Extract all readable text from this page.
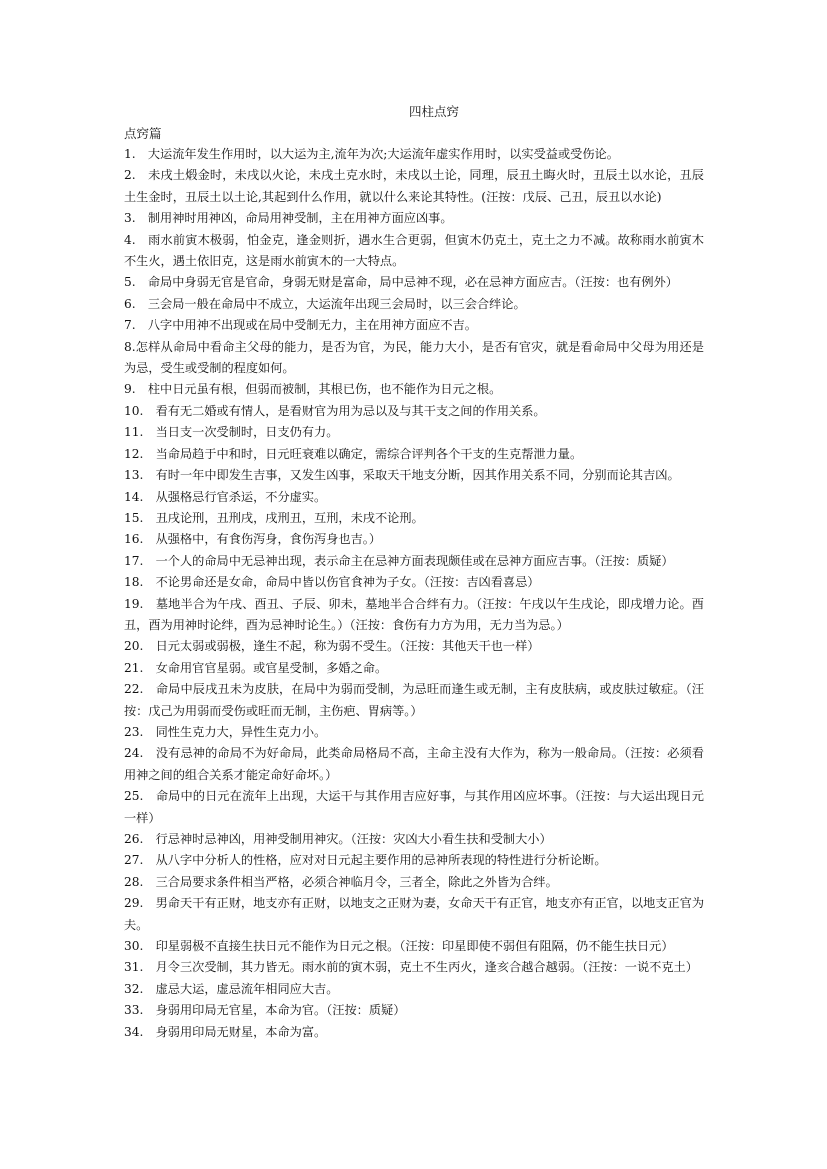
四柱点窍
点窍篇

1.　大运流年发生作用时，以大运为主,流年为次;大运流年虚实作用时，以实受益或受伤论。

2.　未戌土煅金时，未戌以火论，未戌土克水时，未戌以土论，同理，辰丑土晦火时，丑辰土以水论，丑辰土生金时，丑辰土以土论,其起到什么作用，就以什么来论其特性。(汪按：戊辰、己丑，辰丑以水论)

3.　制用神时用神凶，命局用神受制，主在用神方面应凶事。

4.　雨水前寅木极弱，怕金克，逢金则折，遇水生合更弱，但寅木仍克土，克土之力不减。故称雨水前寅木不生火，遇土依旧克，这是雨水前寅木的一大特点。

5.　命局中身弱无官是官命，身弱无财是富命，局中忌神不现，必在忌神方面应吉。（汪按：也有例外）

6.　三会局一般在命局中不成立，大运流年出现三会局时，以三会合绊论。

7.　八字中用神不出现或在局中受制无力，主在用神方面应不吉。

8.怎样从命局中看命主父母的能力，是否为官，为民，能力大小，是否有官灾，就是看命局中父母为用还是为忌，受生或受制的程度如何。

9.　柱中日元虽有根，但弱而被制，其根已伤，也不能作为日元之根。

10.　看有无二婚或有情人，是看财官为用为忌以及与其干支之间的作用关系。

11.　当日支一次受制时，日支仍有力。

12.　当命局趋于中和时，日元旺衰难以确定，需综合评判各个干支的生克帮泄力量。

13.　有时一年中即发生吉事，又发生凶事，采取天干地支分断，因其作用关系不同，分别而论其吉凶。

14.　从强格忌行官杀运，不分虚实。

15.　丑戌论刑，丑刑戌，戌刑丑，互刑，未戌不论刑。

16.　从强格中，有食伤泻身，食伤泻身也吉。）

17.　一个人的命局中无忌神出现，表示命主在忌神方面表现颇佳或在忌神方面应吉事。（汪按：质疑）

18.　不论男命还是女命，命局中皆以伤官食神为子女。（汪按：吉凶看喜忌）

19.　墓地半合为午戌、酉丑、子辰、卯未，墓地半合合绊有力。（汪按：午戌以午生戌论，即戌增力论。酉丑，酉为用神时论绊，酉为忌神时论生。）（汪按：食伤有力方为用，无力当为忌。）

20.　日元太弱或弱极，逢生不起，称为弱不受生。（汪按：其他天干也一样）

21.　女命用官官星弱。或官星受制，多婚之命。

22.　命局中辰戌丑未为皮肤，在局中为弱而受制，为忌旺而逢生或无制，主有皮肤病，或皮肤过敏症。（汪按：戊己为用弱而受伤或旺而无制，主伤疤、胃病等。）

23.　同性生克力大，异性生克力小。

24.　没有忌神的命局不为好命局，此类命局格局不高，主命主没有大作为，称为一般命局。（汪按：必须看用神之间的组合关系才能定命好命坏。）

25.　命局中的日元在流年上出现，大运干与其作用吉应好事，与其作用凶应坏事。（汪按：与大运出现日元一样）

26.　行忌神时忌神凶，用神受制用神灾。（汪按：灾凶大小看生扶和受制大小）

27.　从八字中分析人的性格，应对对日元起主要作用的忌神所表现的特性进行分析论断。

28.　三合局要求条件相当严格，必须合神临月令，三者全，除此之外皆为合绊。

29.　男命天干有正财，地支亦有正财，以地支之正财为妻，女命天干有正官，地支亦有正官，以地支正官为夫。

30.　印星弱极不直接生扶日元不能作为日元之根。（汪按：印星即使不弱但有阻隔，仍不能生扶日元）

31.　月令三次受制，其力皆无。雨水前的寅木弱，克土不生丙火，逢亥合越合越弱。（汪按：一说不克土）

32.　虚忌大运，虚忌流年相同应大吉。

33.　身弱用印局无官星，本命为官。（汪按：质疑）

34.　身弱用印局无财星，本命为富。
